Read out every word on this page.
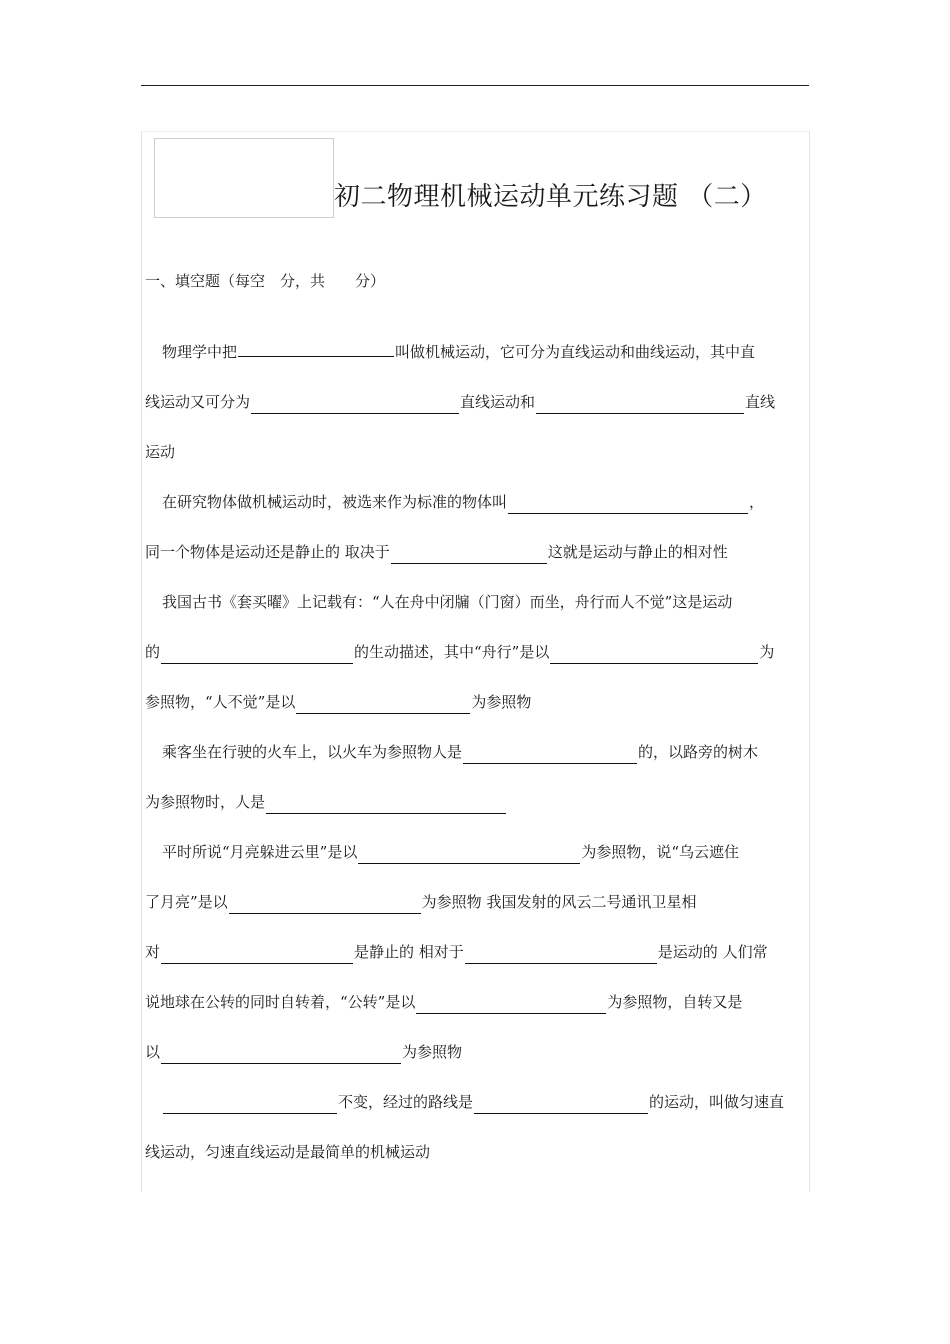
初二物理机械运动单元练习题 （二）
一、填空题（每空　分，共　　分）
物理学中把	叫做机械运动，它可分为直线运动和曲线运动，其中直
线运动又可分为	直线运动和	直线
运动
在研究物体做机械运动时，被选来作为标准的物体叫	，
同一个物体是运动还是静止的 取决于	这就是运动与静止的相对性
我国古书《套买曜》上记载有：“人在舟中闭牖（门窗）而坐，舟行而人不觉”这是运动
的	的生动描述，其中“舟行”是以	为
参照物，“人不觉”是以	为参照物
乘客坐在行驶的火车上，以火车为参照物人是	的，以路旁的树木
为参照物时，人是
平时所说“月亮躲进云里”是以	为参照物，说“乌云遮住
了月亮”是以	为参照物 我国发射的风云二号通讯卫星相
对	是静止的 相对于	是运动的 人们常
说地球在公转的同时自转着，“公转”是以	为参照物，自转又是
以	为参照物
不变，经过的路线是	的运动，叫做匀速直
线运动，匀速直线运动是最简单的机械运动
